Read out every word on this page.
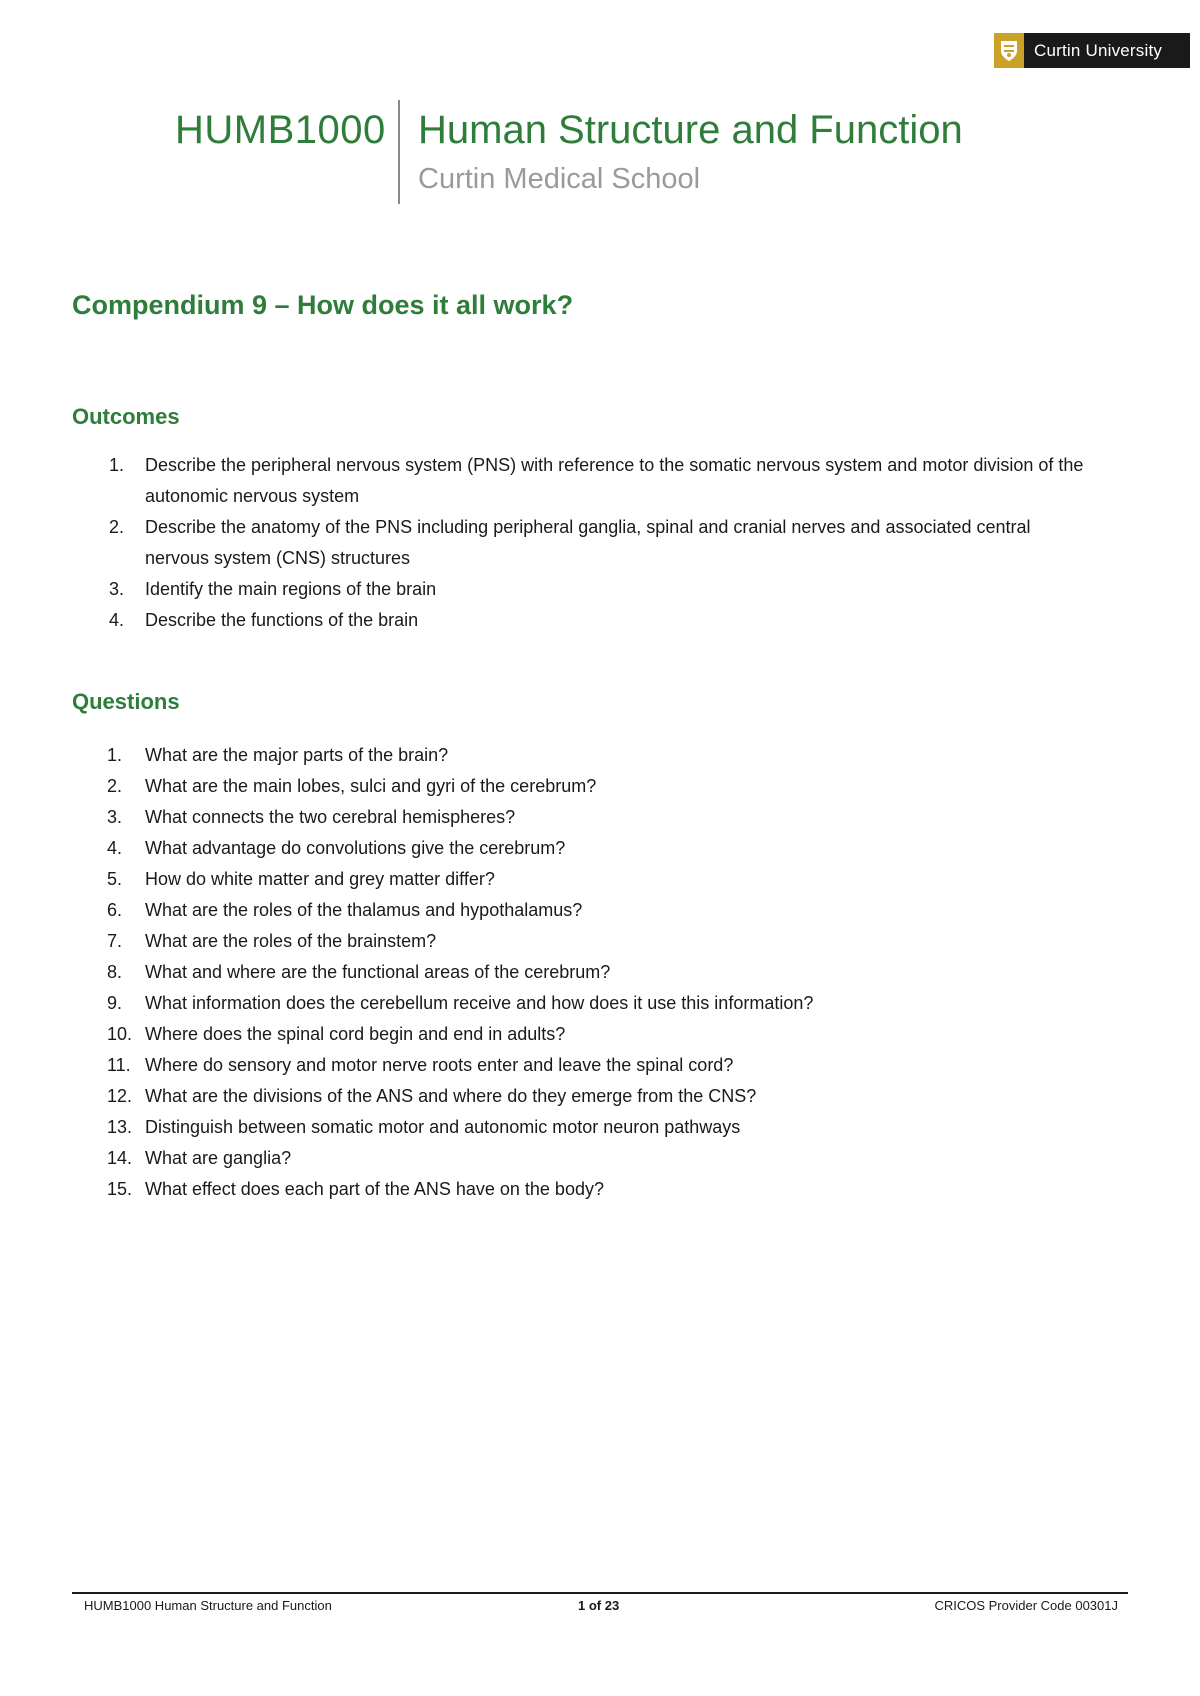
Curtin University
HUMB1000 Human Structure and Function
Curtin Medical School
Compendium 9 – How does it all work?
Outcomes
1. Describe the peripheral nervous system (PNS) with reference to the somatic nervous system and motor division of the autonomic nervous system
2. Describe the anatomy of the PNS including peripheral ganglia, spinal and cranial nerves and associated central nervous system (CNS) structures
3. Identify the main regions of the brain
4. Describe the functions of the brain
Questions
1. What are the major parts of the brain?
2. What are the main lobes, sulci and gyri of the cerebrum?
3. What connects the two cerebral hemispheres?
4. What advantage do convolutions give the cerebrum?
5. How do white matter and grey matter differ?
6. What are the roles of the thalamus and hypothalamus?
7. What are the roles of the brainstem?
8. What and where are the functional areas of the cerebrum?
9. What information does the cerebellum receive and how does it use this information?
10. Where does the spinal cord begin and end in adults?
11. Where do sensory and motor nerve roots enter and leave the spinal cord?
12. What are the divisions of the ANS and where do they emerge from the CNS?
13. Distinguish between somatic motor and autonomic motor neuron pathways
14. What are ganglia?
15. What effect does each part of the ANS have on the body?
HUMB1000 Human Structure and Function	1 of 23	CRICOS Provider Code 00301J
